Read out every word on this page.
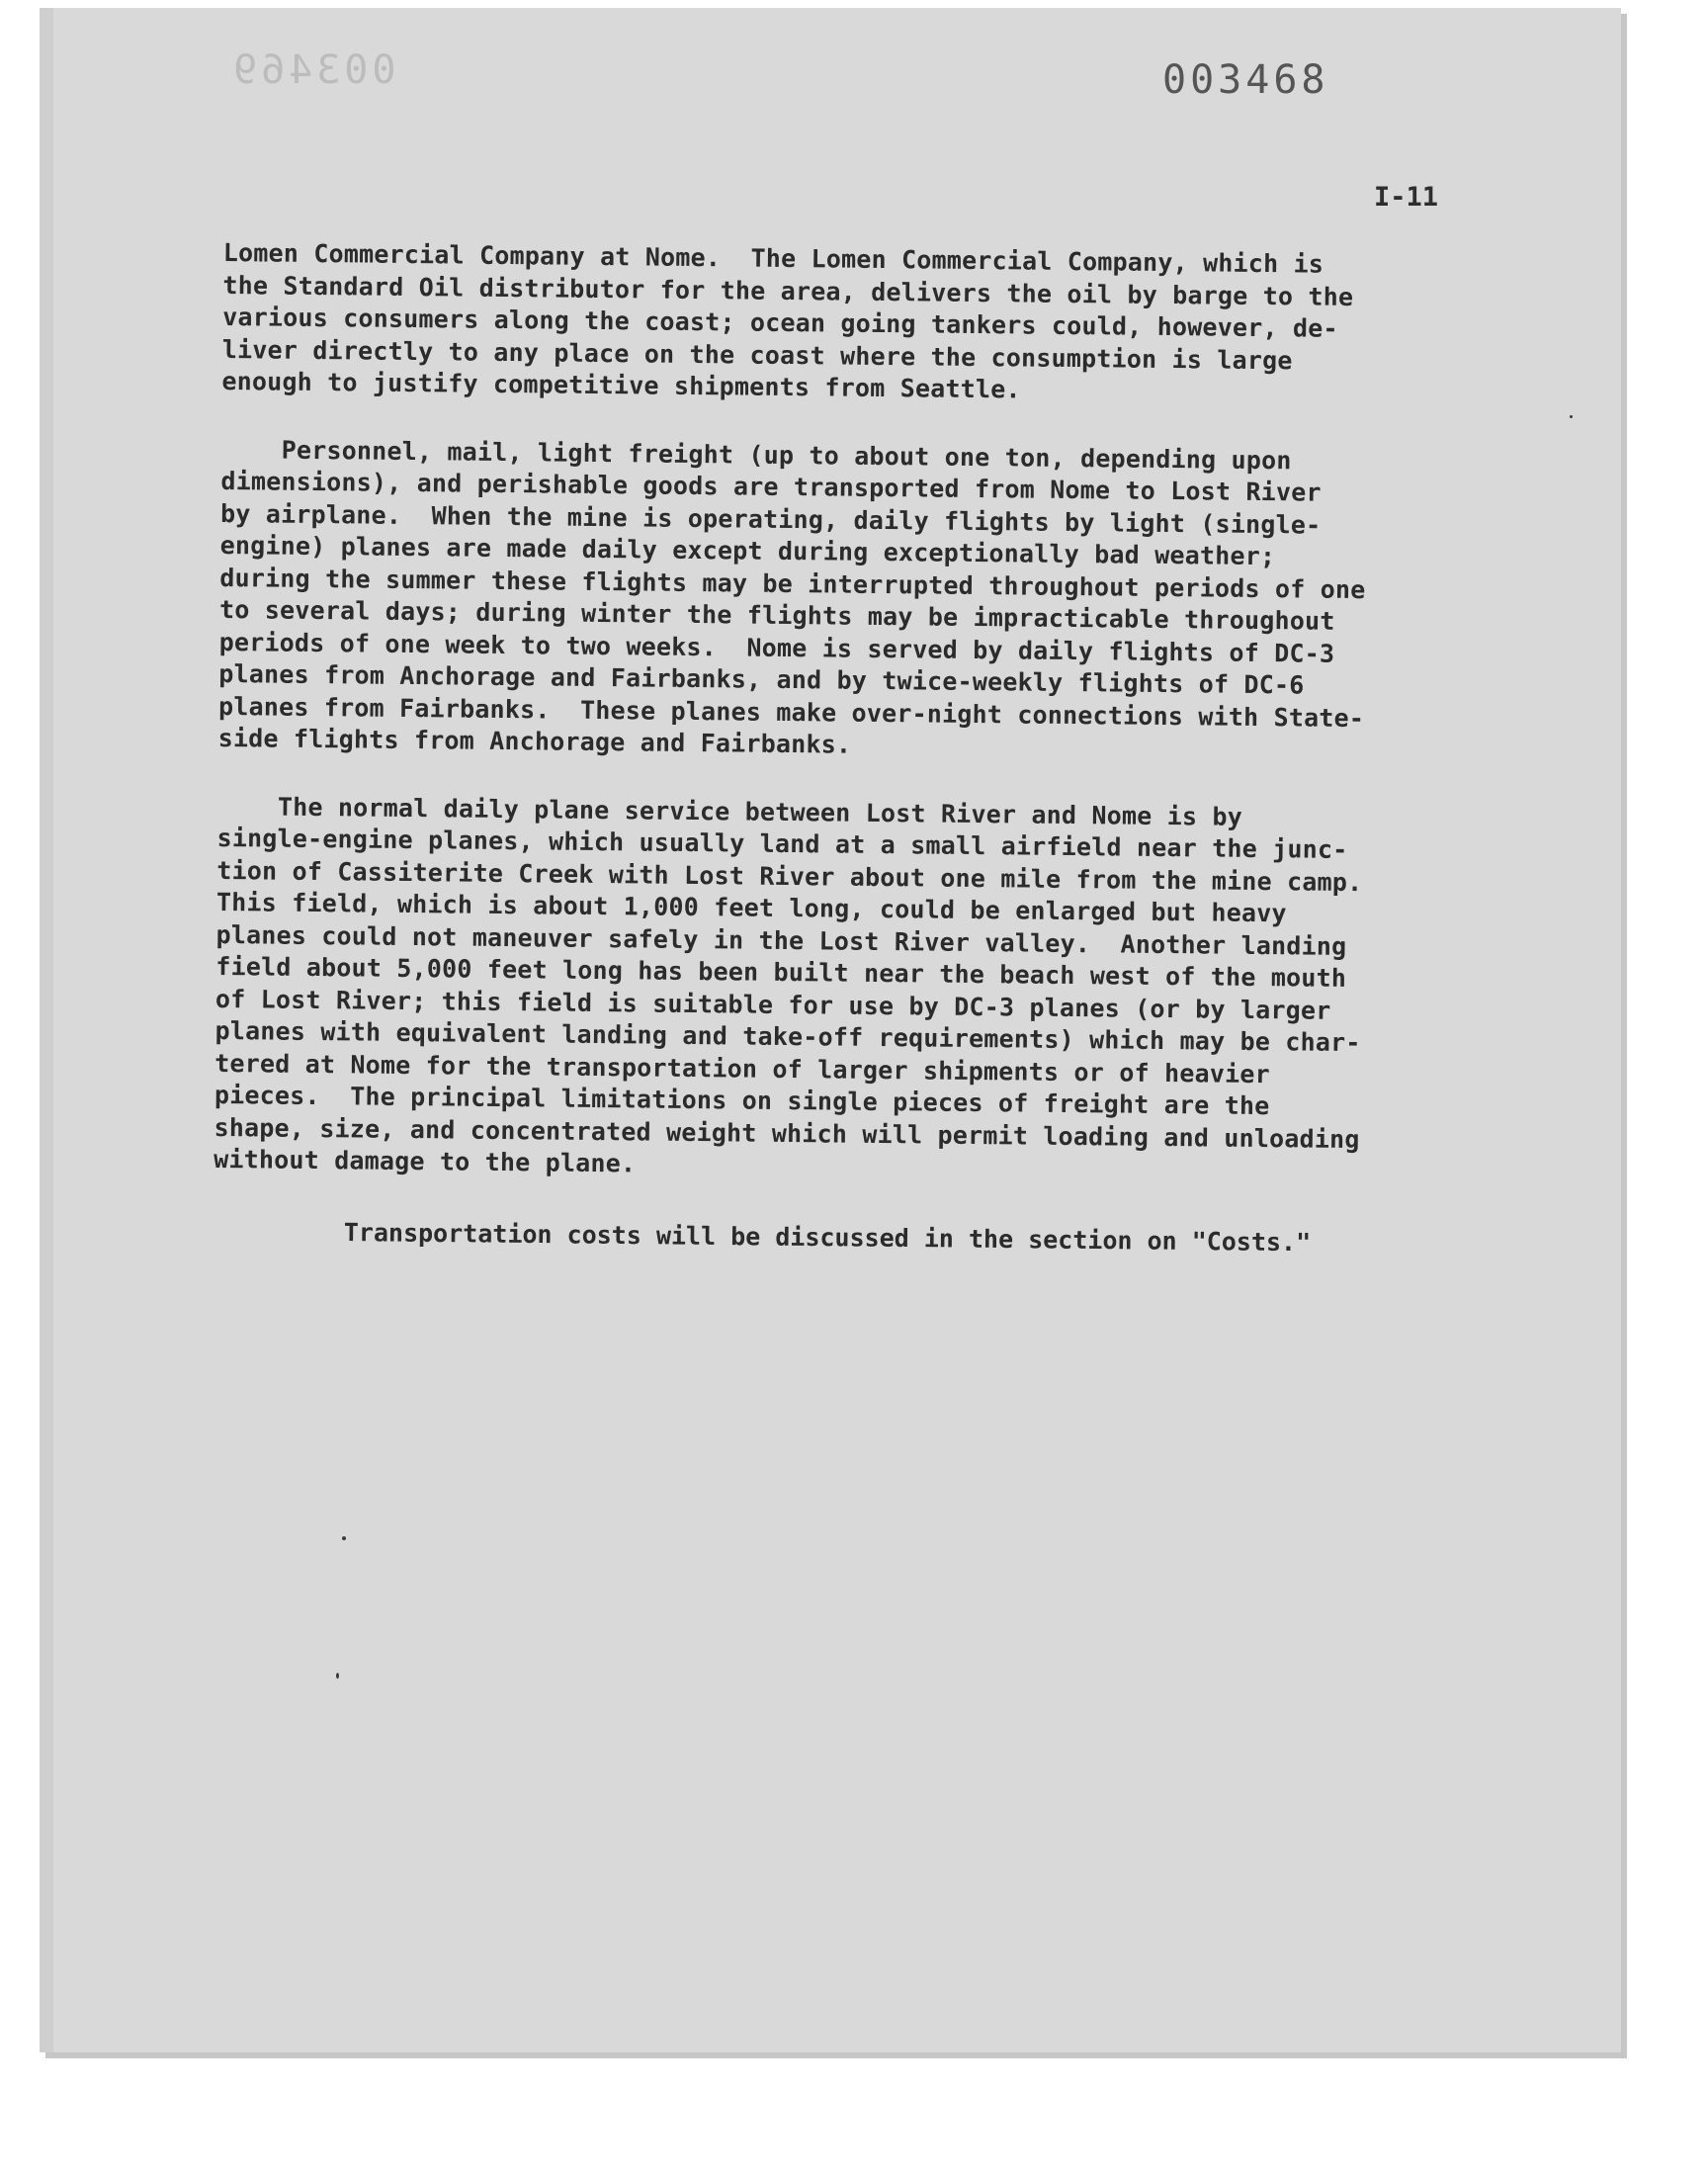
003469	003468
I-11
Lomen Commercial Company at Nome.  The Lomen Commercial Company, which is
the Standard Oil distributor for the area, delivers the oil by barge to the
various consumers along the coast; ocean going tankers could, however, de-
liver directly to any place on the coast where the consumption is large
enough to justify competitive shipments from Seattle.
Personnel, mail, light freight (up to about one ton, depending upon
dimensions), and perishable goods are transported from Nome to Lost River
by airplane.  When the mine is operating, daily flights by light (single-
engine) planes are made daily except during exceptionally bad weather;
during the summer these flights may be interrupted throughout periods of one
to several days; during winter the flights may be impracticable throughout
periods of one week to two weeks.  Nome is served by daily flights of DC-3
planes from Anchorage and Fairbanks, and by twice-weekly flights of DC-6
planes from Fairbanks.  These planes make over-night connections with State-
side flights from Anchorage and Fairbanks.
The normal daily plane service between Lost River and Nome is by
single-engine planes, which usually land at a small airfield near the junc-
tion of Cassiterite Creek with Lost River about one mile from the mine camp.
This field, which is about 1,000 feet long, could be enlarged but heavy
planes could not maneuver safely in the Lost River valley.  Another landing
field about 5,000 feet long has been built near the beach west of the mouth
of Lost River; this field is suitable for use by DC-3 planes (or by larger
planes with equivalent landing and take-off requirements) which may be char-
tered at Nome for the transportation of larger shipments or of heavier
pieces.  The principal limitations on single pieces of freight are the
shape, size, and concentrated weight which will permit loading and unloading
without damage to the plane.
Transportation costs will be discussed in the section on "Costs."
